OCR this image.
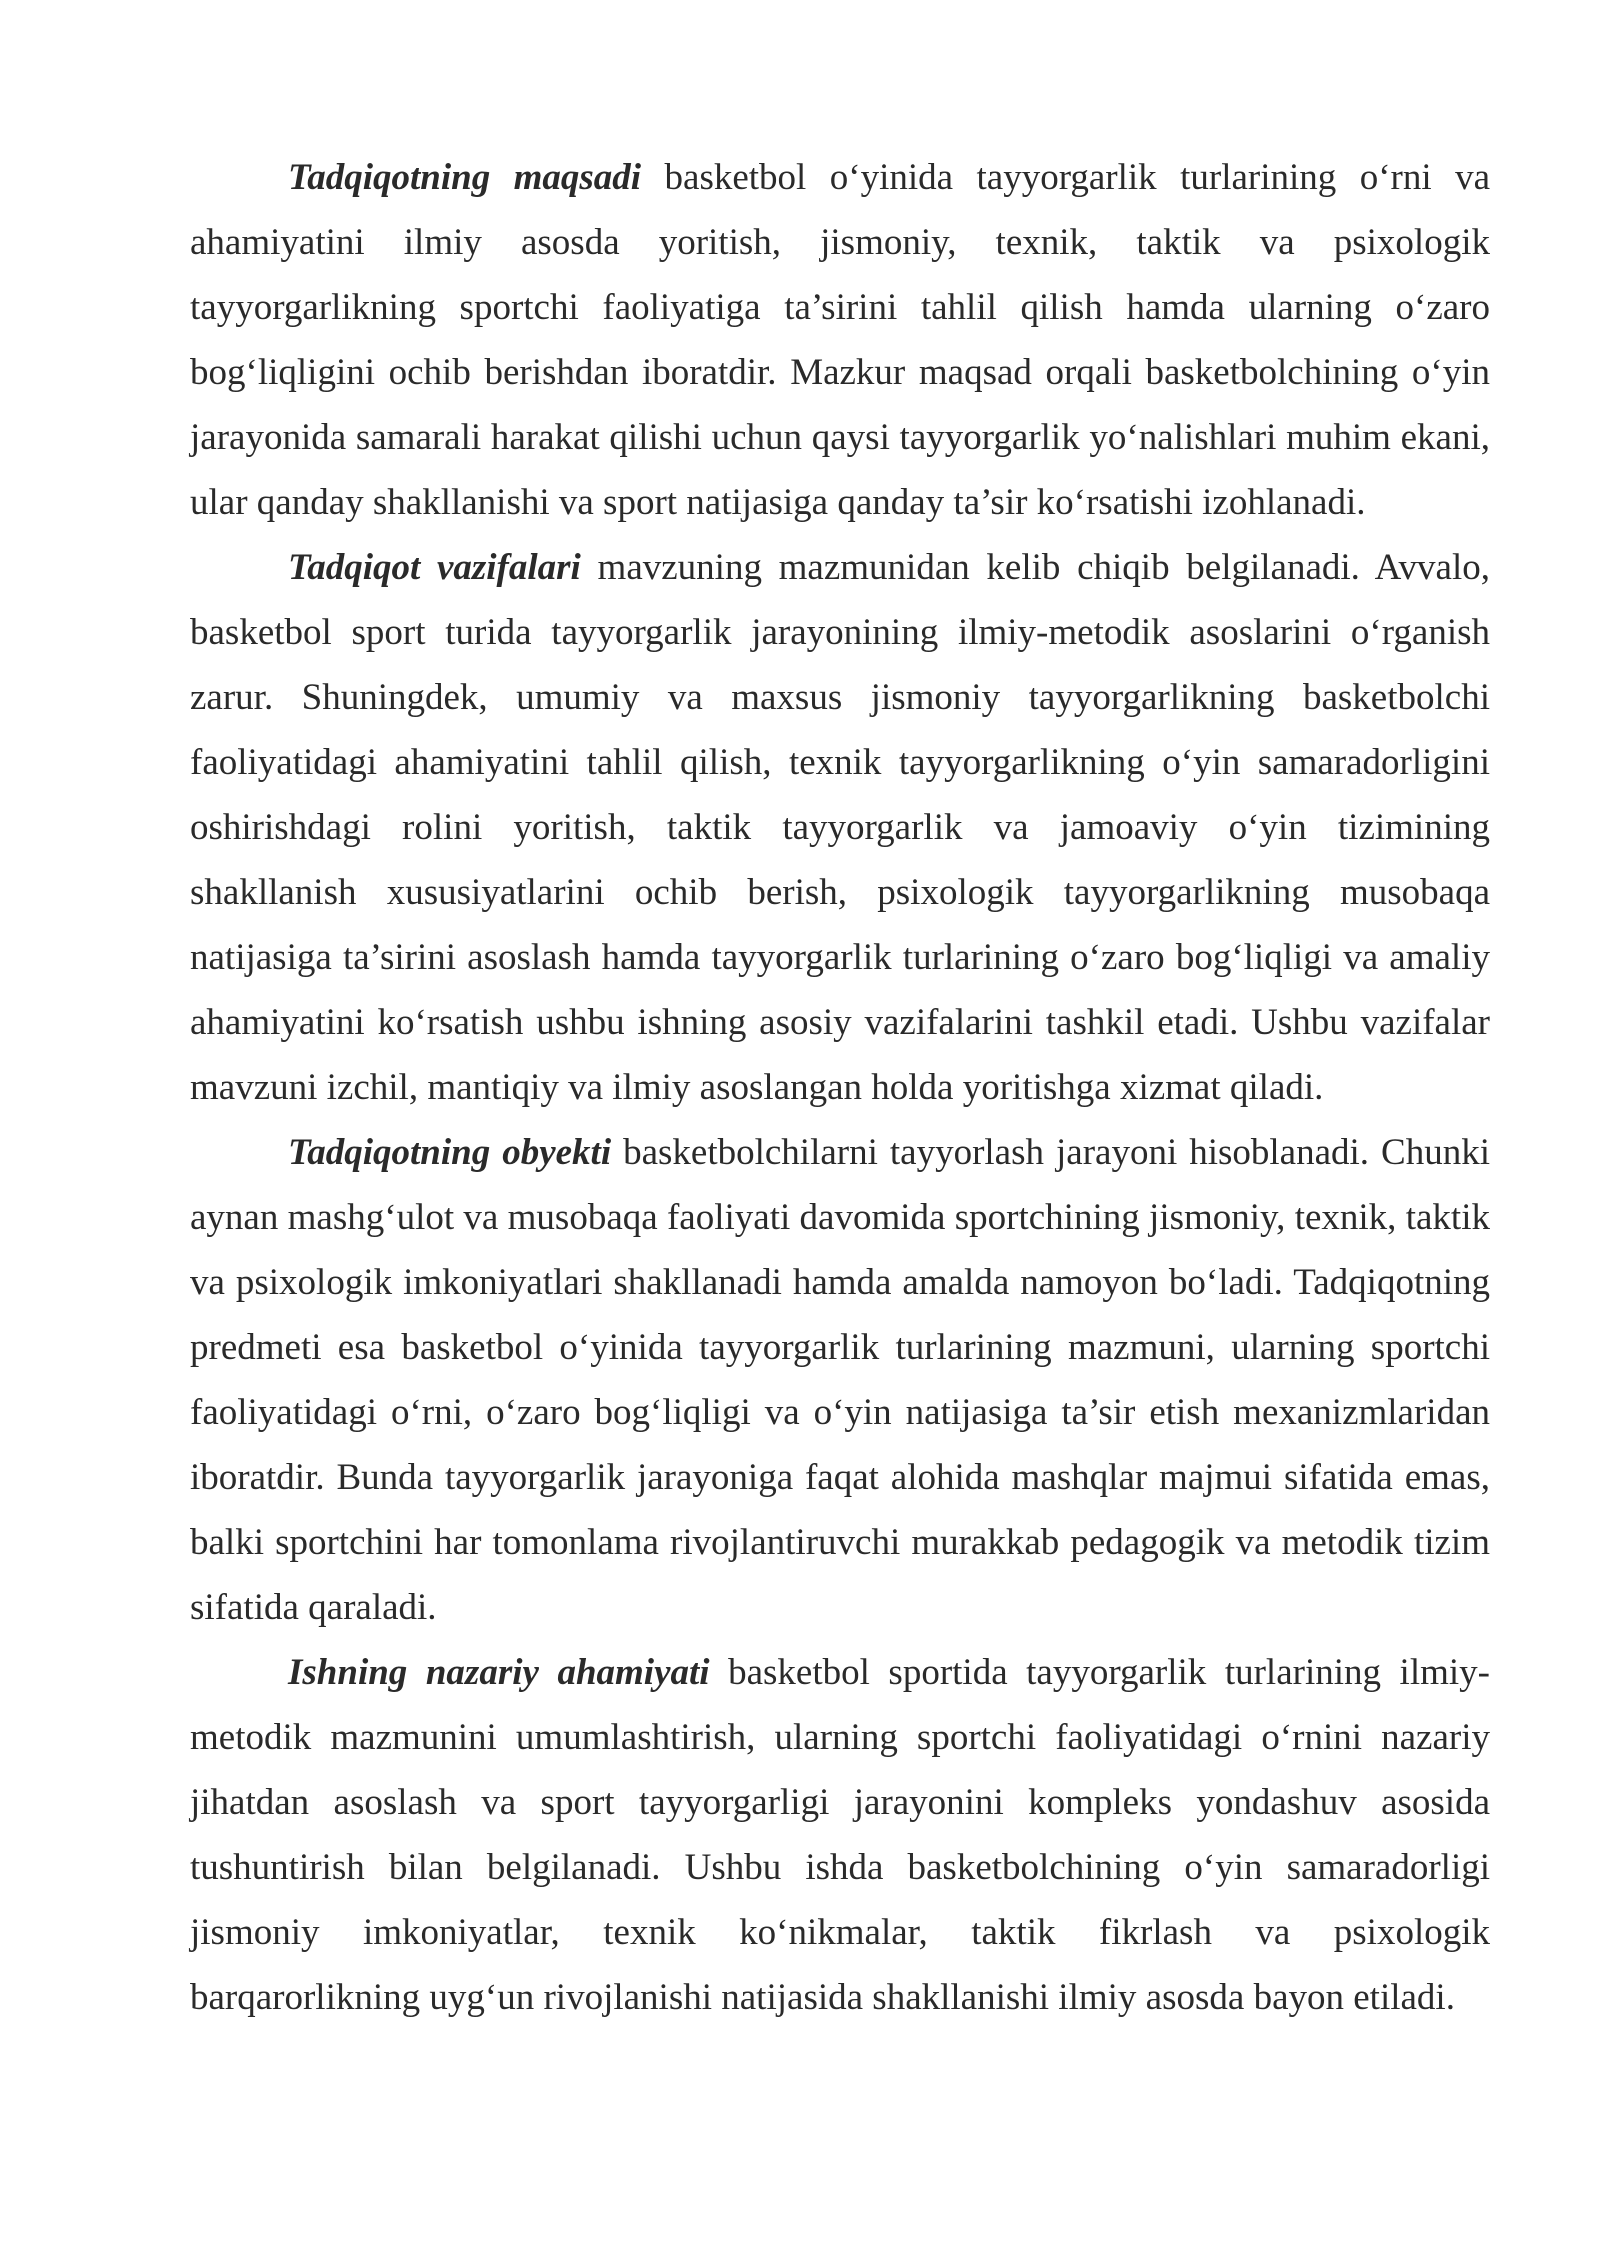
Tadqiqotning maqsadi basketbol o‘yinida tayyorgarlik turlarining o‘rni va ahamiyatini ilmiy asosda yoritish, jismoniy, texnik, taktik va psixologik tayyorgarlikning sportchi faoliyatiga ta’sirini tahlil qilish hamda ularning o‘zaro bog‘liqligini ochib berishdan iboratdir. Mazkur maqsad orqali basketbolchining o‘yin jarayonida samarali harakat qilishi uchun qaysi tayyorgarlik yo‘nalishlari muhim ekani, ular qanday shakllanishi va sport natijasiga qanday ta’sir ko‘rsatishi izohlanadi.

Tadqiqot vazifalari mavzuning mazmunidan kelib chiqib belgilanadi. Avvalo, basketbol sport turida tayyorgarlik jarayonining ilmiy-metodik asoslarini o‘rganish zarur. Shuningdek, umumiy va maxsus jismoniy tayyorgarlikning basketbolchi faoliyatidagi ahamiyatini tahlil qilish, texnik tayyorgarlikning o‘yin samaradorligini oshirishdagi rolini yoritish, taktik tayyorgarlik va jamoaviy o‘yin tizimining shakllanish xususiyatlarini ochib berish, psixologik tayyorgarlikning musobaqa natijasiga ta’sirini asoslash hamda tayyorgarlik turlarining o‘zaro bog‘liqligi va amaliy ahamiyatini ko‘rsatish ushbu ishning asosiy vazifalarini tashkil etadi. Ushbu vazifalar mavzuni izchil, mantiqiy va ilmiy asoslangan holda yoritishga xizmat qiladi.

Tadqiqotning obyekti basketbolchilarni tayyorlash jarayoni hisoblanadi. Chunki aynan mashg‘ulot va musobaqa faoliyati davomida sportchining jismoniy, texnik, taktik va psixologik imkoniyatlari shakllanadi hamda amalda namoyon bo‘ladi. Tadqiqotning predmeti esa basketbol o‘yinida tayyorgarlik turlarining mazmuni, ularning sportchi faoliyatidagi o‘rni, o‘zaro bog‘liqligi va o‘yin natijasiga ta’sir etish mexanizmlaridan iboratdir. Bunda tayyorgarlik jarayoniga faqat alohida mashqlar majmui sifatida emas, balki sportchini har tomonlama rivojlantiruvchi murakkab pedagogik va metodik tizim sifatida qaraladi.

Ishning nazariy ahamiyati basketbol sportida tayyorgarlik turlarining ilmiy-metodik mazmunini umumlashtirish, ularning sportchi faoliyatidagi o‘rnini nazariy jihatdan asoslash va sport tayyorgarligi jarayonini kompleks yondashuv asosida tushuntirish bilan belgilanadi. Ushbu ishda basketbolchining o‘yin samaradorligi jismoniy imkoniyatlar, texnik ko‘nikmalar, taktik fikrlash va psixologik barqarorlikning uyg‘un rivojlanishi natijasida shakllanishi ilmiy asosda bayon etiladi.
